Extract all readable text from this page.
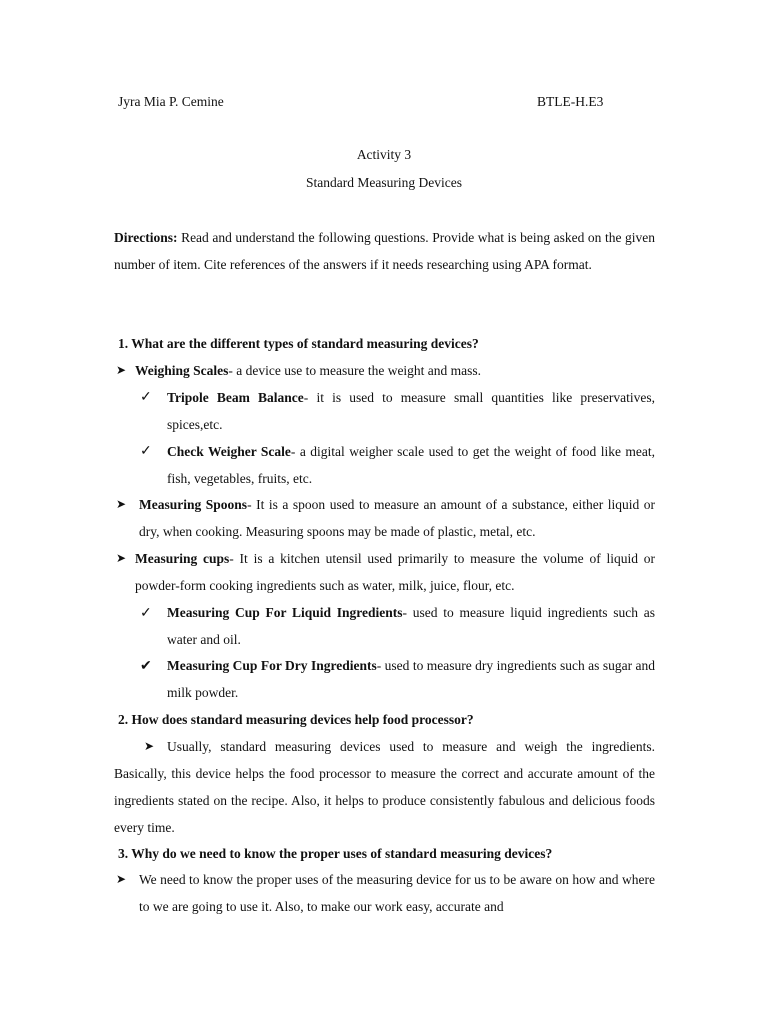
Jyra Mia P. Cemine	BTLE-H.E3
Activity 3
Standard Measuring Devices
Directions: Read and understand the following questions. Provide what is being asked on the given number of item. Cite references of the answers if it needs researching using APA format.
1. What are the different types of standard measuring devices?
➤ Weighing Scales- a device use to measure the weight and mass.
✓ Tripole Beam Balance- it is used to measure small quantities like preservatives, spices,etc.
✓ Check Weigher Scale- a digital weigher scale used to get the weight of food like meat, fish, vegetables, fruits, etc.
➤ Measuring Spoons- It is a spoon used to measure an amount of a substance, either liquid or dry, when cooking. Measuring spoons may be made of plastic, metal, etc.
➤ Measuring cups- It is a kitchen utensil used primarily to measure the volume of liquid or powder-form cooking ingredients such as water, milk, juice, flour, etc.
✓ Measuring Cup For Liquid Ingredients- used to measure liquid ingredients such as water and oil.
✔ Measuring Cup For Dry Ingredients- used to measure dry ingredients such as sugar and milk powder.
2. How does standard measuring devices help food processor?
➤ Usually, standard measuring devices used to measure and weigh the ingredients. Basically, this device helps the food processor to measure the correct and accurate amount of the ingredients stated on the recipe. Also, it helps to produce consistently fabulous and delicious foods every time.
3. Why do we need to know the proper uses of standard measuring devices?
➤ We need to know the proper uses of the measuring device for us to be aware on how and where to we are going to use it. Also, to make our work easy, accurate and
